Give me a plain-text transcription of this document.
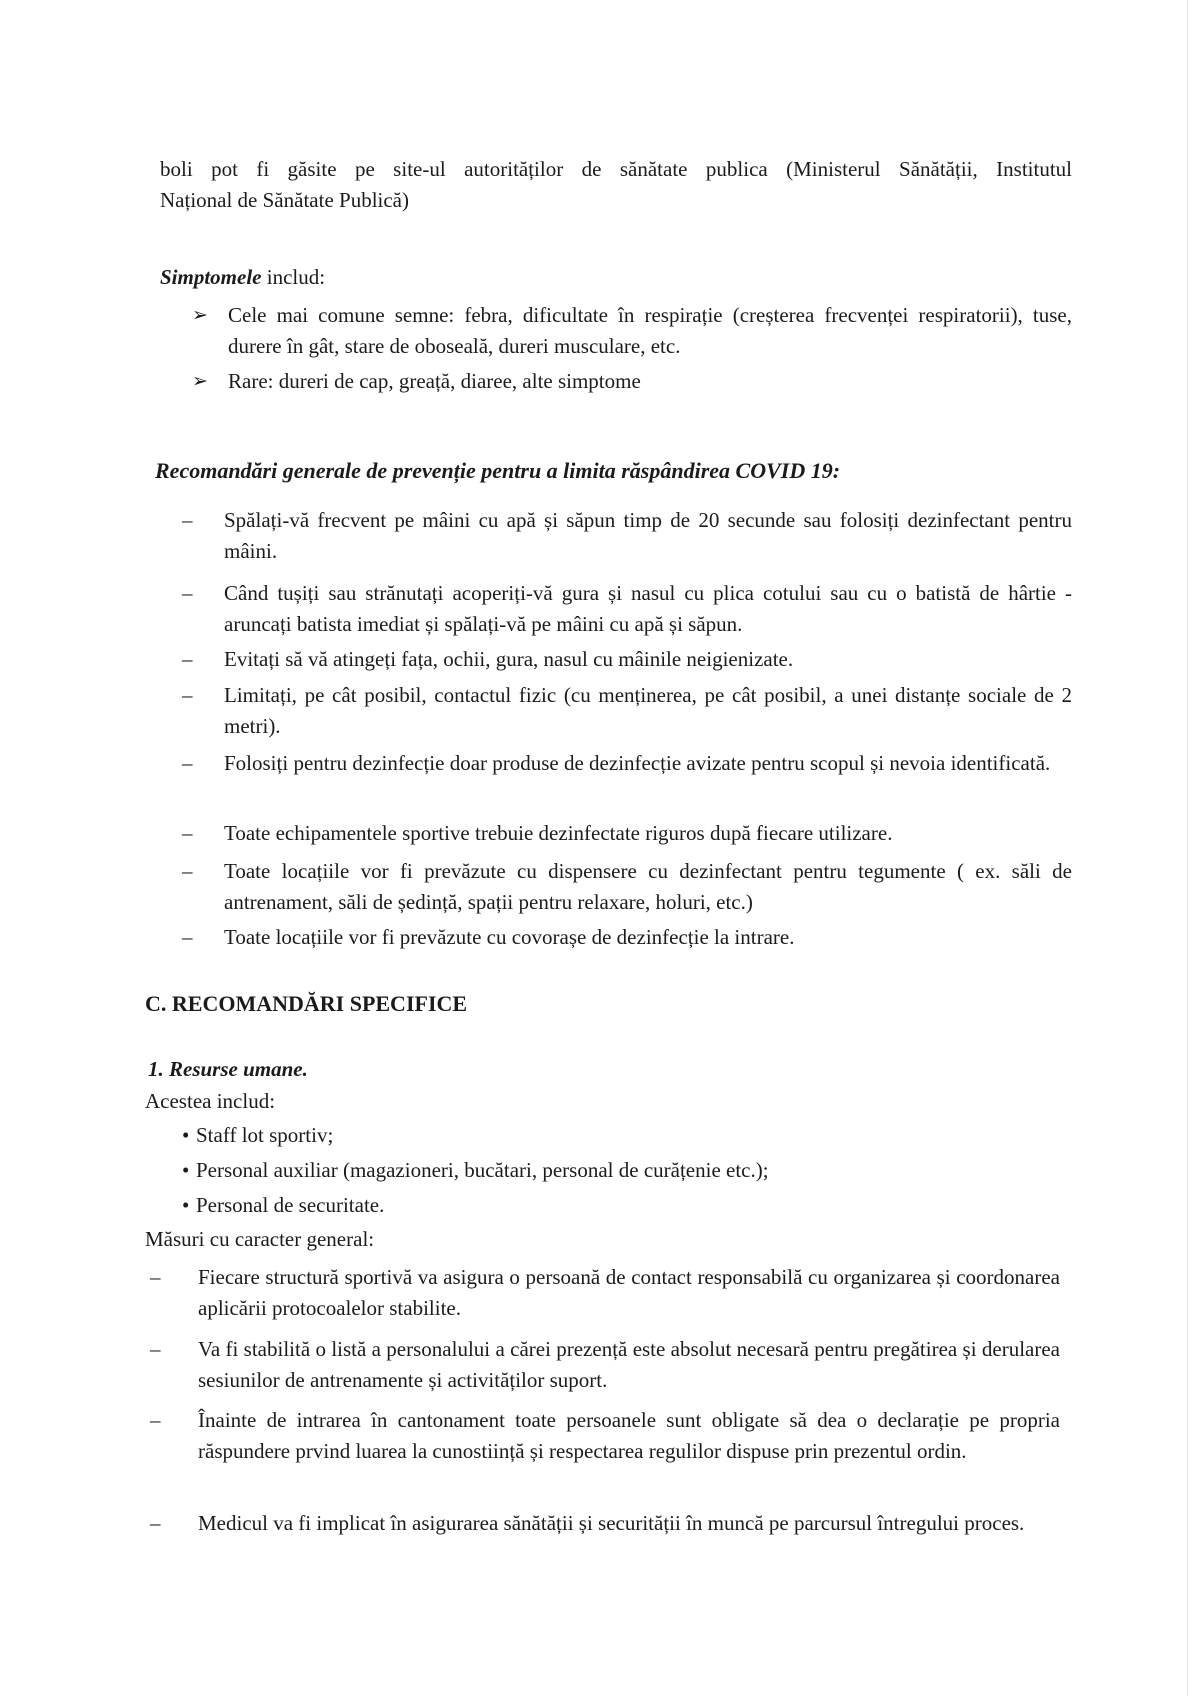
boli pot fi găsite pe site-ul autorităților de sănătate publica (Ministerul Sănătății, Institutul

Național de Sănătate Publică)

Simptomele includ:
➢ Cele mai comune semne: febra, dificultate în respirație (creșterea frecvenței respiratorii), tuse, durere în gât, stare de oboseală, dureri musculare, etc.

➢ Rare: dureri de cap, greață, diaree, alte simptome

Recomandări generale de prevenție pentru a limita răspândirea COVID 19:
– Spălați-vă frecvent pe mâini cu apă și săpun timp de 20 secunde sau folosiți dezinfectant pentru mâini.

– Când tușiți sau strănutați acoperiți-vă gura și nasul cu plica cotului sau cu o batistă de hârtie - aruncați batista imediat și spălați-vă pe mâini cu apă și săpun.

– Evitați să vă atingeți fața, ochii, gura, nasul cu mâinile neigienizate.

– Limitați, pe cât posibil, contactul fizic (cu menținerea, pe cât posibil, a unei distanțe sociale de 2 metri).

– Folosiți pentru dezinfecție doar produse de dezinfecție avizate pentru scopul și nevoia identificată.

– Toate echipamentele sportive trebuie dezinfectate riguros după fiecare utilizare.

– Toate locațiile vor fi prevăzute cu dispensere cu dezinfectant pentru tegumente ( ex. săli de antrenament, săli de ședință, spații pentru relaxare, holuri, etc.)

– Toate locațiile vor fi prevăzute cu covorașe de dezinfecție la intrare.

C. RECOMANDĂRI SPECIFICE
1. Resurse umane.
Acestea includ:
• Staff lot sportiv;

• Personal auxiliar (magazioneri, bucătari, personal de curățenie etc.);

• Personal de securitate.

Măsuri cu caracter general:
– Fiecare structură sportivă va asigura o persoană de contact responsabilă cu organizarea și coordonarea aplicării protocoalelor stabilite.

– Va fi stabilită o listă a personalului a cărei prezență este absolut necesară pentru pregătirea și derularea sesiunilor de antrenamente și activităților suport.

– Înainte de intrarea în cantonament toate persoanele sunt obligate să dea o declarație pe propria răspundere prvind luarea la cunostiință și respectarea regulilor dispuse prin prezentul ordin.

– Medicul va fi implicat în asigurarea sănătății și securității în muncă pe parcursul întregului proces.
